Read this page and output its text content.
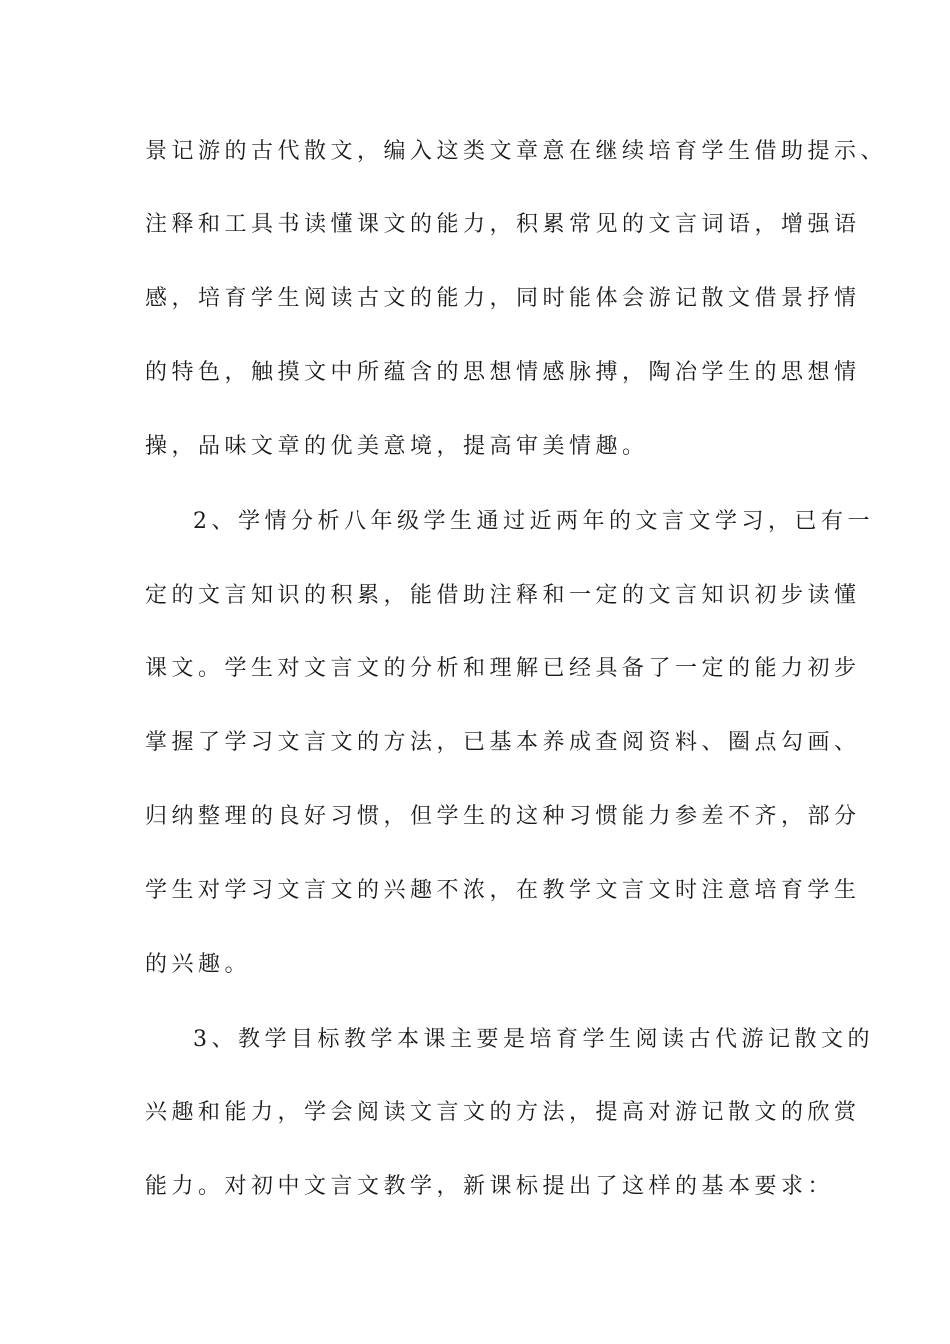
景记游的古代散文，编入这类文章意在继续培育学生借助提示、
注释和工具书读懂课文的能力，积累常见的文言词语，增强语
感，培育学生阅读古文的能力，同时能体会游记散文借景抒情
的特色，触摸文中所蕴含的思想情感脉搏，陶冶学生的思想情
操，品味文章的优美意境，提高审美情趣。
2、学情分析八年级学生通过近两年的文言文学习，已有一
定的文言知识的积累，能借助注释和一定的文言知识初步读懂
课文。学生对文言文的分析和理解已经具备了一定的能力初步
掌握了学习文言文的方法，已基本养成查阅资料、圈点勾画、
归纳整理的良好习惯，但学生的这种习惯能力参差不齐，部分
学生对学习文言文的兴趣不浓，在教学文言文时注意培育学生
的兴趣。
3、教学目标教学本课主要是培育学生阅读古代游记散文的
兴趣和能力，学会阅读文言文的方法，提高对游记散文的欣赏
能力。对初中文言文教学，新课标提出了这样的基本要求：
